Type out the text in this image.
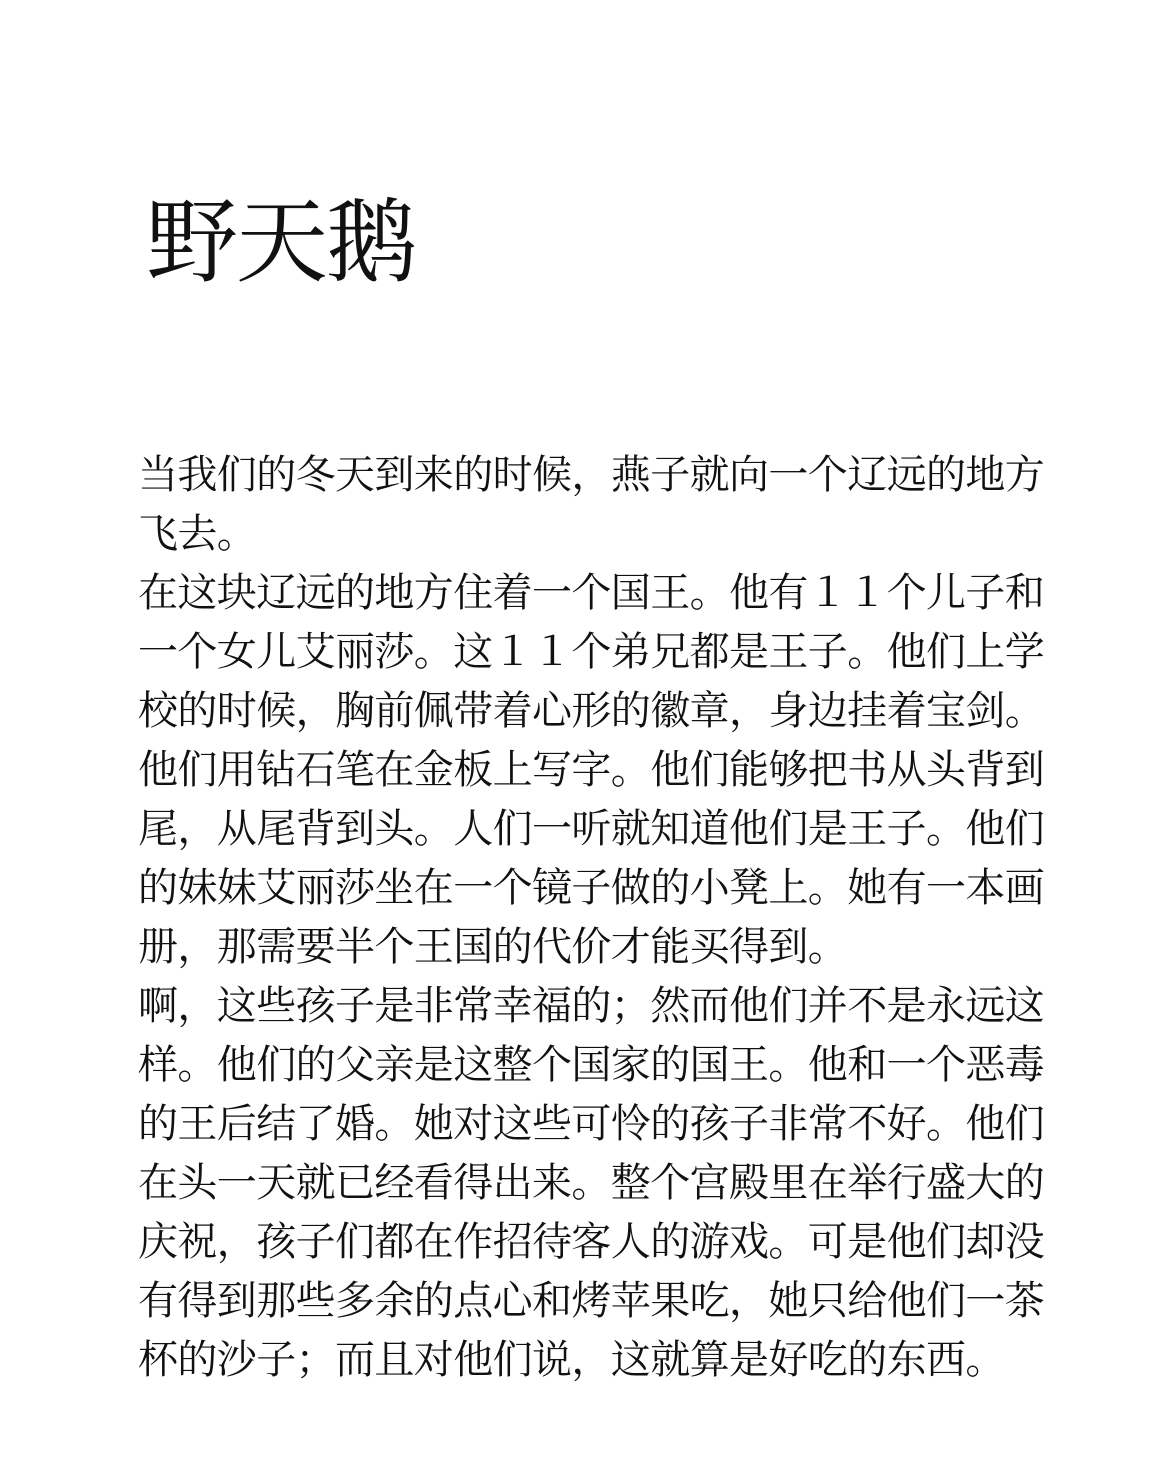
野天鹅

当我们的冬天到来的时候，燕子就向一个辽远的地方
飞去。
在这块辽远的地方住着一个国王。他有１１个儿子和
一个女儿艾丽莎。这１１个弟兄都是王子。他们上学
校的时候，胸前佩带着心形的徽章，身边挂着宝剑。
他们用钻石笔在金板上写字。他们能够把书从头背到
尾，从尾背到头。人们一听就知道他们是王子。他们
的妹妹艾丽莎坐在一个镜子做的小凳上。她有一本画
册，那需要半个王国的代价才能买得到。

啊，这些孩子是非常幸福的；然而他们并不是永远这
样。他们的父亲是这整个国家的国王。他和一个恶毒
的王后结了婚。她对这些可怜的孩子非常不好。他们
在头一天就已经看得出来。整个宫殿里在举行盛大的
庆祝，孩子们都在作招待客人的游戏。可是他们却没
有得到那些多余的点心和烤苹果吃，她只给他们一茶
杯的沙子；而且对他们说，这就算是好吃的东西。
